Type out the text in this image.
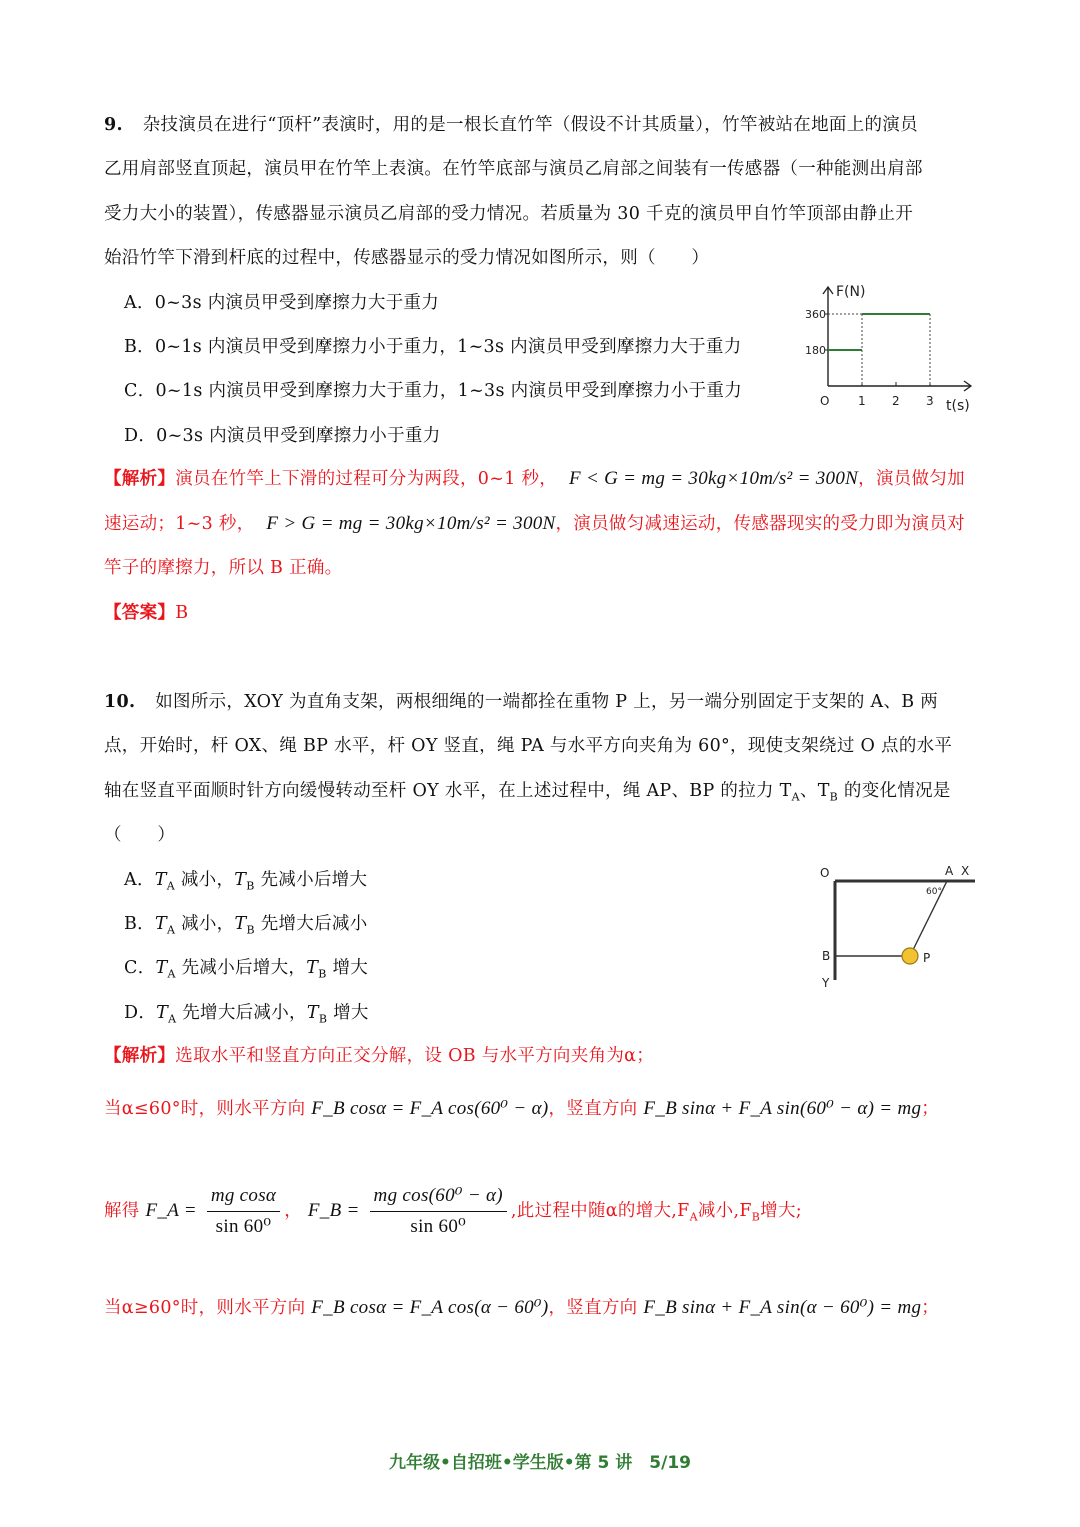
9. 杂技演员在进行“顶杆”表演时，用的是一根长直竹竿（假设不计其质量），竹竿被站在地面上的演员
乙用肩部竖直顶起，演员甲在竹竿上表演。在竹竿底部与演员乙肩部之间装有一传感器（一种能测出肩部
受力大小的装置），传感器显示演员乙肩部的受力情况。若质量为 30 千克的演员甲自竹竿顶部由静止开
始沿竹竿下滑到杆底的过程中，传感器显示的受力情况如图所示，则（　　）
A．0~3s 内演员甲受到摩擦力大于重力
B．0~1s 内演员甲受到摩擦力小于重力，1~3s 内演员甲受到摩擦力大于重力
C．0~1s 内演员甲受到摩擦力大于重力，1~3s 内演员甲受到摩擦力小于重力
D．0~3s 内演员甲受到摩擦力小于重力
F(N)
t(s)
O
180
360
1 2 3
【解析】演员在竹竿上下滑的过程可分为两段，0~1 秒， F < G = mg = 30kg×10m/s² = 300N，演员做匀加
速运动；1~3 秒， F > G = mg = 30kg×10m/s² = 300N，演员做匀减速运动，传感器现实的受力即为演员对
竿子的摩擦力，所以 B 正确。
【答案】B
10. 如图所示，XOY 为直角支架，两根细绳的一端都拴在重物 P 上，另一端分别固定于支架的 A、B 两
点，开始时，杆 OX、绳 BP 水平，杆 OY 竖直，绳 PA 与水平方向夹角为 60°，现使支架绕过 O 点的水平
轴在竖直平面顺时针方向缓慢转动至杆 OY 水平，在上述过程中，绳 AP、BP 的拉力 $T_A$、$T_B$ 的变化情况是
（　　）
A．$T_A$ 减小，$T_B$ 先减小后增大
B．$T_A$ 减小，$T_B$ 先增大后减小
C．$T_A$ 先减小后增大，$T_B$ 增大
D．$T_A$ 先增大后减小，$T_B$ 增大
O	A X
60°
B
Y
P
【解析】选取水平和竖直方向正交分解，设 OB 与水平方向夹角为α；
当α≤60°时，则水平方向 F_B cosα = F_A cos(60⁰ − α)，竖直方向 F_B sinα + F_A sin(60⁰ − α) = mg；
解得 F_A = $\frac{\text{mg cosα}}{\text{sin 60⁰}}$ ， F_B = $\frac{\text{mg cos(60⁰ − α)}}{\text{sin 60⁰}}$ ,此过程中随α的增大$,F_A$减小$,F_B$增大;
当α≥60°时，则水平方向 F_B cosα = F_A cos(α − 60⁰)，竖直方向 F_B sinα + F_A sin(α − 60⁰) = mg；
九年级•自招班•学生版•第 5 讲　5/19
